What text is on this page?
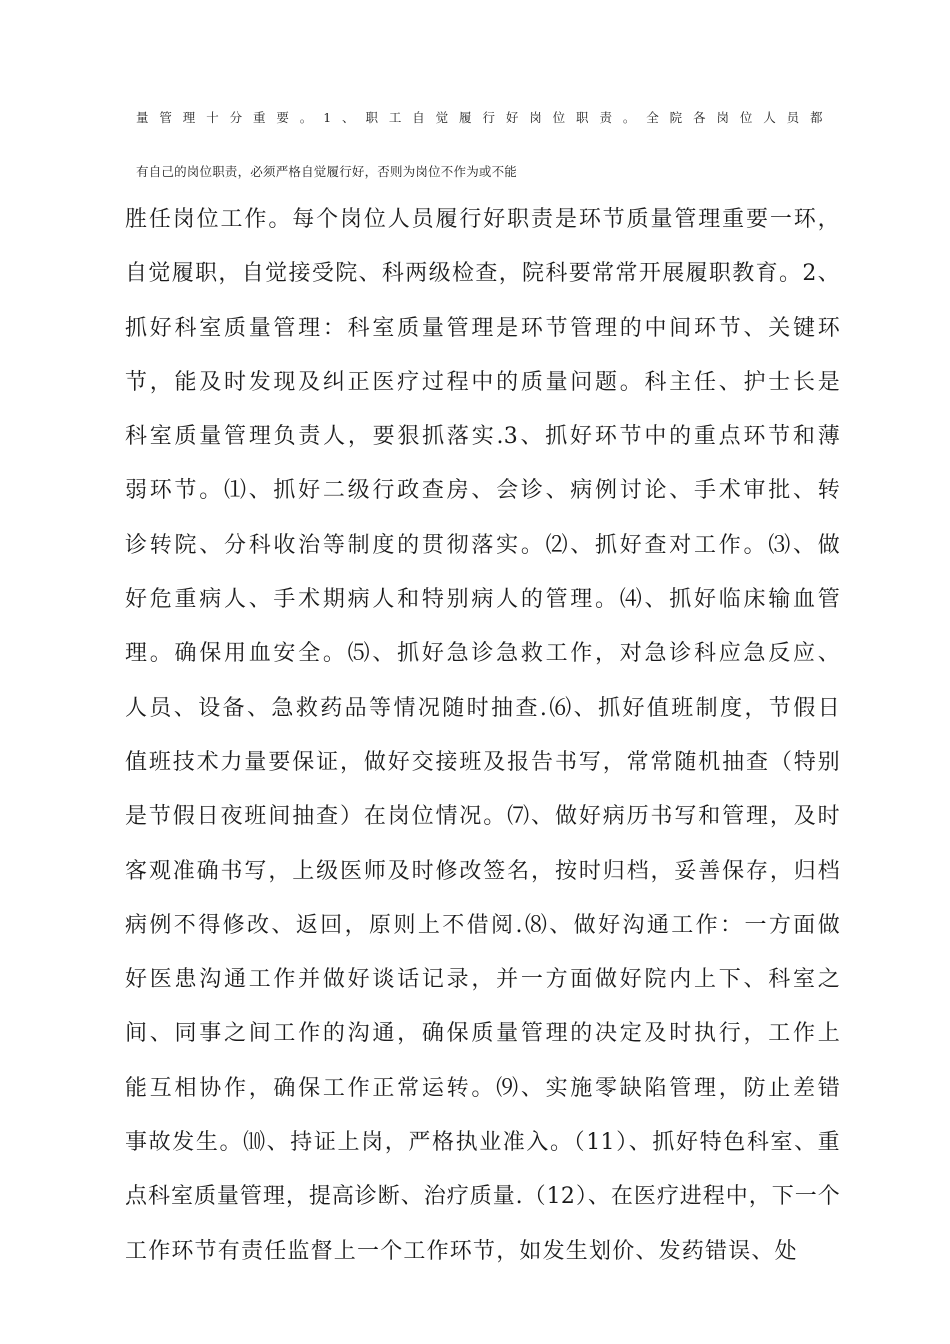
量管理十分重要。1、职工自觉履行好岗位职责。全院各岗位人员都
有自己的岗位职责，必须严格自觉履行好，否则为岗位不作为或不能
胜任岗位工作。每个岗位人员履行好职责是环节质量管理重要一环，
自觉履职，自觉接受院、科两级检查，院科要常常开展履职教育。2、
抓好科室质量管理：科室质量管理是环节管理的中间环节、关键环
节，能及时发现及纠正医疗过程中的质量问题。科主任、护士长是
科室质量管理负责人，要狠抓落实.3、抓好环节中的重点环节和薄
弱环节。⑴、抓好二级行政查房、会诊、病例讨论、手术审批、转
诊转院、分科收治等制度的贯彻落实。⑵、抓好查对工作。⑶、做
好危重病人、手术期病人和特别病人的管理。⑷、抓好临床输血管
理。确保用血安全。⑸、抓好急诊急救工作，对急诊科应急反应、
人员、设备、急救药品等情况随时抽查.⑹、抓好值班制度，节假日
值班技术力量要保证，做好交接班及报告书写，常常随机抽查（特别
是节假日夜班间抽查）在岗位情况。⑺、做好病历书写和管理，及时
客观准确书写，上级医师及时修改签名，按时归档，妥善保存，归档
病例不得修改、返回，原则上不借阅.⑻、做好沟通工作：一方面做
好医患沟通工作并做好谈话记录，并一方面做好院内上下、科室之
间、同事之间工作的沟通，确保质量管理的决定及时执行，工作上
能互相协作，确保工作正常运转。⑼、实施零缺陷管理，防止差错
事故发生。⑽、持证上岗，严格执业准入。（11）、抓好特色科室、重
点科室质量管理，提高诊断、治疗质量.（12）、在医疗进程中，下一个
工作环节有责任监督上一个工作环节，如发生划价、发药错误、处
